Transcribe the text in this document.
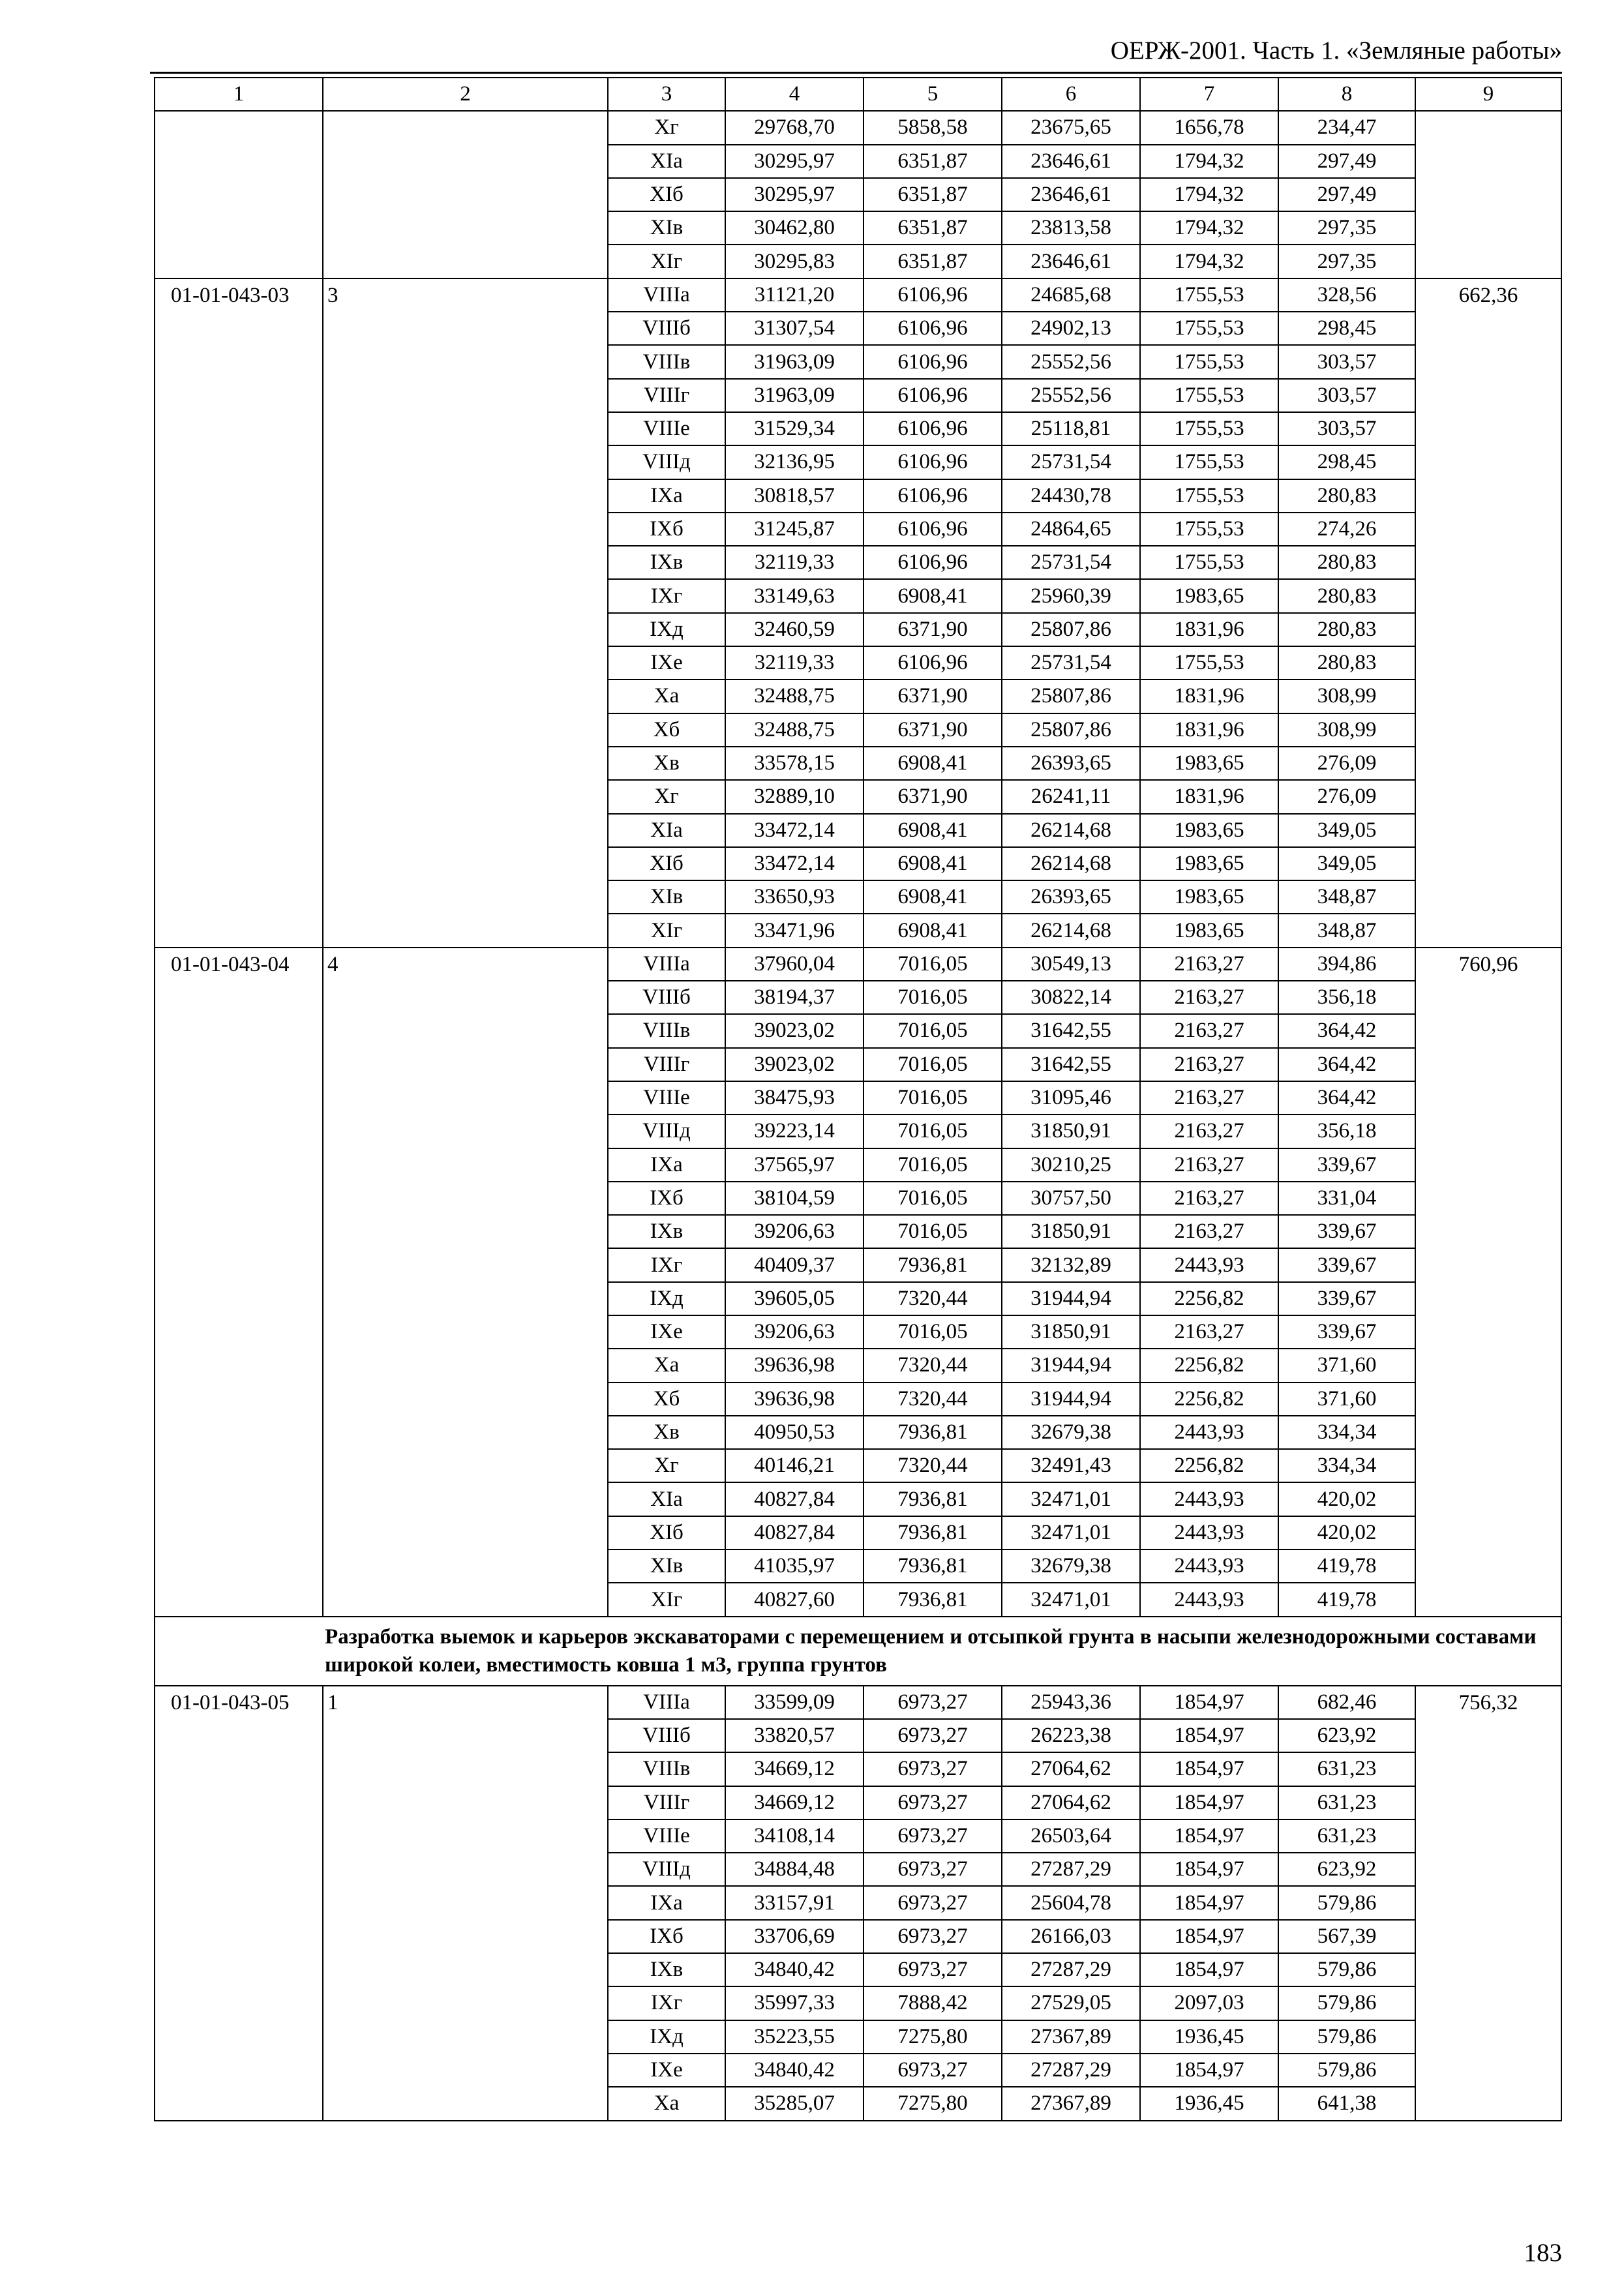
ОЕРЖ-2001. Часть 1. «Земляные работы»
1	2	3	4	5	6	7	8	9
		Xг	29768,70	5858,58	23675,65	1656,78	234,47	
		XIа	30295,97	6351,87	23646,61	1794,32	297,49	
		XIб	30295,97	6351,87	23646,61	1794,32	297,49	
		XIв	30462,80	6351,87	23813,58	1794,32	297,35	
		XIг	30295,83	6351,87	23646,61	1794,32	297,35	
01-01-043-03	3	VIIIа	31121,20	6106,96	24685,68	1755,53	328,56	662,36
		VIIIб	31307,54	6106,96	24902,13	1755,53	298,45	
		VIIIв	31963,09	6106,96	25552,56	1755,53	303,57	
		VIIIг	31963,09	6106,96	25552,56	1755,53	303,57	
		VIIIе	31529,34	6106,96	25118,81	1755,53	303,57	
		VIIIд	32136,95	6106,96	25731,54	1755,53	298,45	
		IXа	30818,57	6106,96	24430,78	1755,53	280,83	
		IXб	31245,87	6106,96	24864,65	1755,53	274,26	
		IXв	32119,33	6106,96	25731,54	1755,53	280,83	
		IXг	33149,63	6908,41	25960,39	1983,65	280,83	
		IXд	32460,59	6371,90	25807,86	1831,96	280,83	
		IXе	32119,33	6106,96	25731,54	1755,53	280,83	
		Xа	32488,75	6371,90	25807,86	1831,96	308,99	
		Xб	32488,75	6371,90	25807,86	1831,96	308,99	
		Xв	33578,15	6908,41	26393,65	1983,65	276,09	
		Xг	32889,10	6371,90	26241,11	1831,96	276,09	
		XIа	33472,14	6908,41	26214,68	1983,65	349,05	
		XIб	33472,14	6908,41	26214,68	1983,65	349,05	
		XIв	33650,93	6908,41	26393,65	1983,65	348,87	
		XIг	33471,96	6908,41	26214,68	1983,65	348,87	
01-01-043-04	4	VIIIа	37960,04	7016,05	30549,13	2163,27	394,86	760,96
		VIIIб	38194,37	7016,05	30822,14	2163,27	356,18	
		VIIIв	39023,02	7016,05	31642,55	2163,27	364,42	
		VIIIг	39023,02	7016,05	31642,55	2163,27	364,42	
		VIIIе	38475,93	7016,05	31095,46	2163,27	364,42	
		VIIIд	39223,14	7016,05	31850,91	2163,27	356,18	
		IXа	37565,97	7016,05	30210,25	2163,27	339,67	
		IXб	38104,59	7016,05	30757,50	2163,27	331,04	
		IXв	39206,63	7016,05	31850,91	2163,27	339,67	
		IXг	40409,37	7936,81	32132,89	2443,93	339,67	
		IXд	39605,05	7320,44	31944,94	2256,82	339,67	
		IXе	39206,63	7016,05	31850,91	2163,27	339,67	
		Xа	39636,98	7320,44	31944,94	2256,82	371,60	
		Xб	39636,98	7320,44	31944,94	2256,82	371,60	
		Xв	40950,53	7936,81	32679,38	2443,93	334,34	
		Xг	40146,21	7320,44	32491,43	2256,82	334,34	
		XIа	40827,84	7936,81	32471,01	2443,93	420,02	
		XIб	40827,84	7936,81	32471,01	2443,93	420,02	
		XIв	41035,97	7936,81	32679,38	2443,93	419,78	
		XIг	40827,60	7936,81	32471,01	2443,93	419,78	
Разработка выемок и карьеров экскаваторами с перемещением и отсыпкой грунта в насыпи железнодорожными составами широкой колеи, вместимость ковша 1 м3, группа грунтов								
01-01-043-05	1	VIIIа	33599,09	6973,27	25943,36	1854,97	682,46	756,32
		VIIIб	33820,57	6973,27	26223,38	1854,97	623,92	
		VIIIв	34669,12	6973,27	27064,62	1854,97	631,23	
		VIIIг	34669,12	6973,27	27064,62	1854,97	631,23	
		VIIIе	34108,14	6973,27	26503,64	1854,97	631,23	
		VIIIд	34884,48	6973,27	27287,29	1854,97	623,92	
		IXа	33157,91	6973,27	25604,78	1854,97	579,86	
		IXб	33706,69	6973,27	26166,03	1854,97	567,39	
		IXв	34840,42	6973,27	27287,29	1854,97	579,86	
		IXг	35997,33	7888,42	27529,05	2097,03	579,86	
		IXд	35223,55	7275,80	27367,89	1936,45	579,86	
		IXе	34840,42	6973,27	27287,29	1854,97	579,86	
		Xа	35285,07	7275,80	27367,89	1936,45	641,38	
183
